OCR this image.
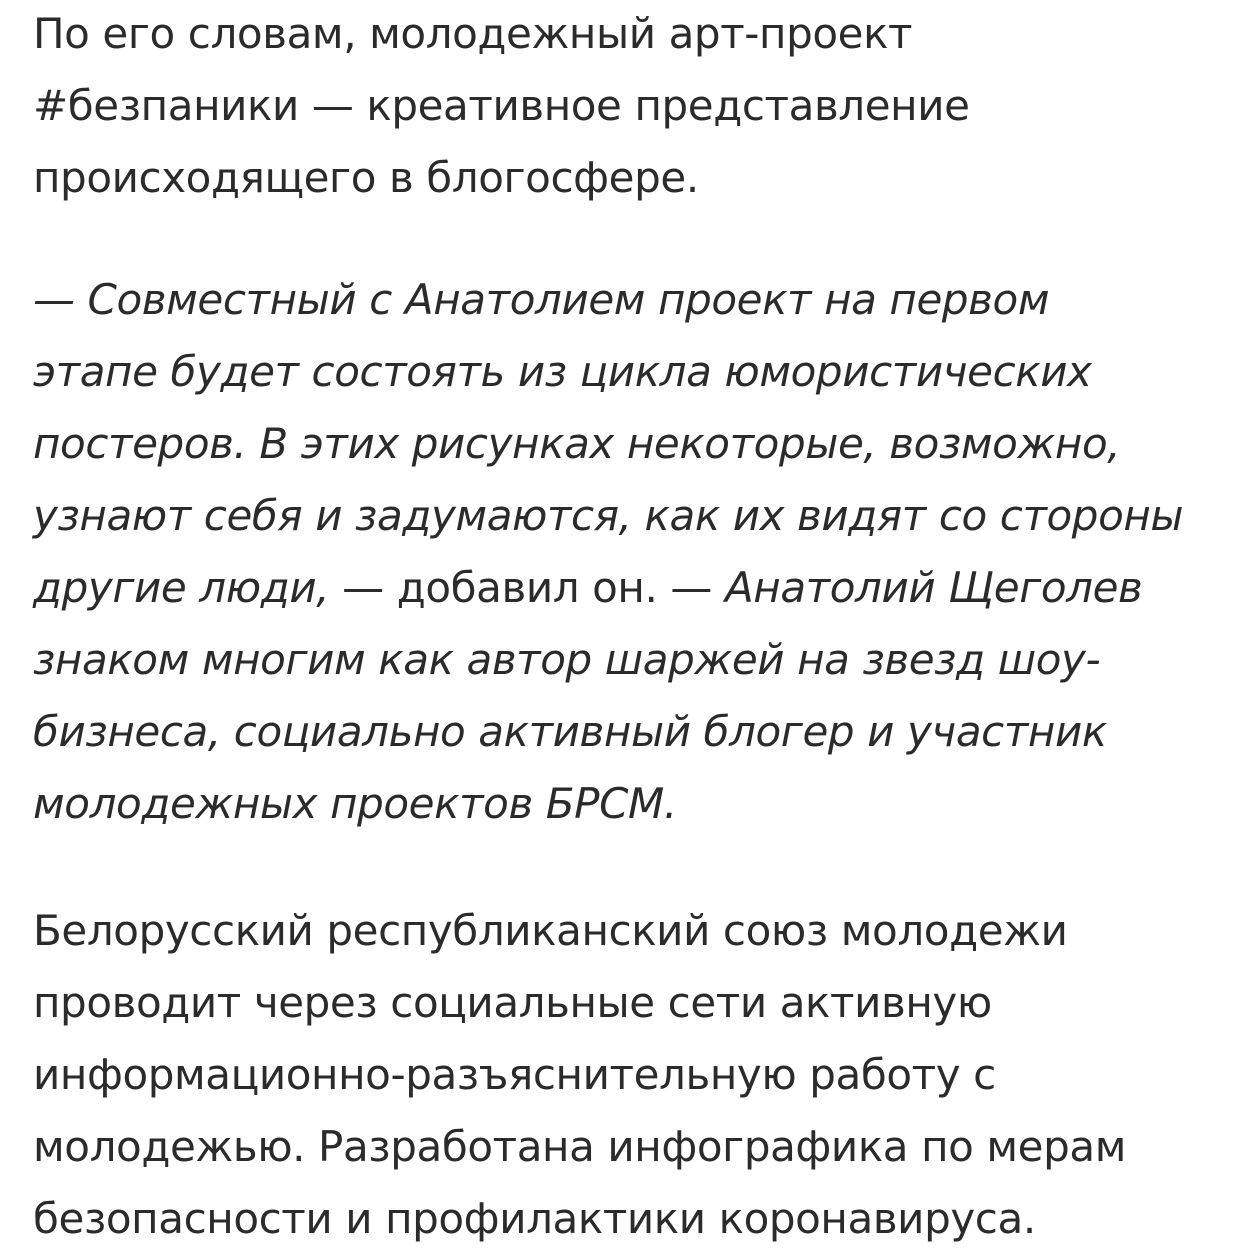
По его словам, молодежный арт-проект
#безпаники — креативное представление
происходящего в блогосфере.

— Совместный с Анатолием проект на первом
этапе будет состоять из цикла юмористических
постеров. В этих рисунках некоторые, возможно,
узнают себя и задумаются, как их видят со стороны
другие люди, — добавил он. — Анатолий Щеголев
знаком многим как автор шаржей на звезд шоу-
бизнеса, социально активный блогер и участник
молодежных проектов БРСМ.

Белорусский республиканский союз молодежи
проводит через социальные сети активную
информационно-разъяснительную работу с
молодежью. Разработана инфографика по мерам
безопасности и профилактики коронавируса.
